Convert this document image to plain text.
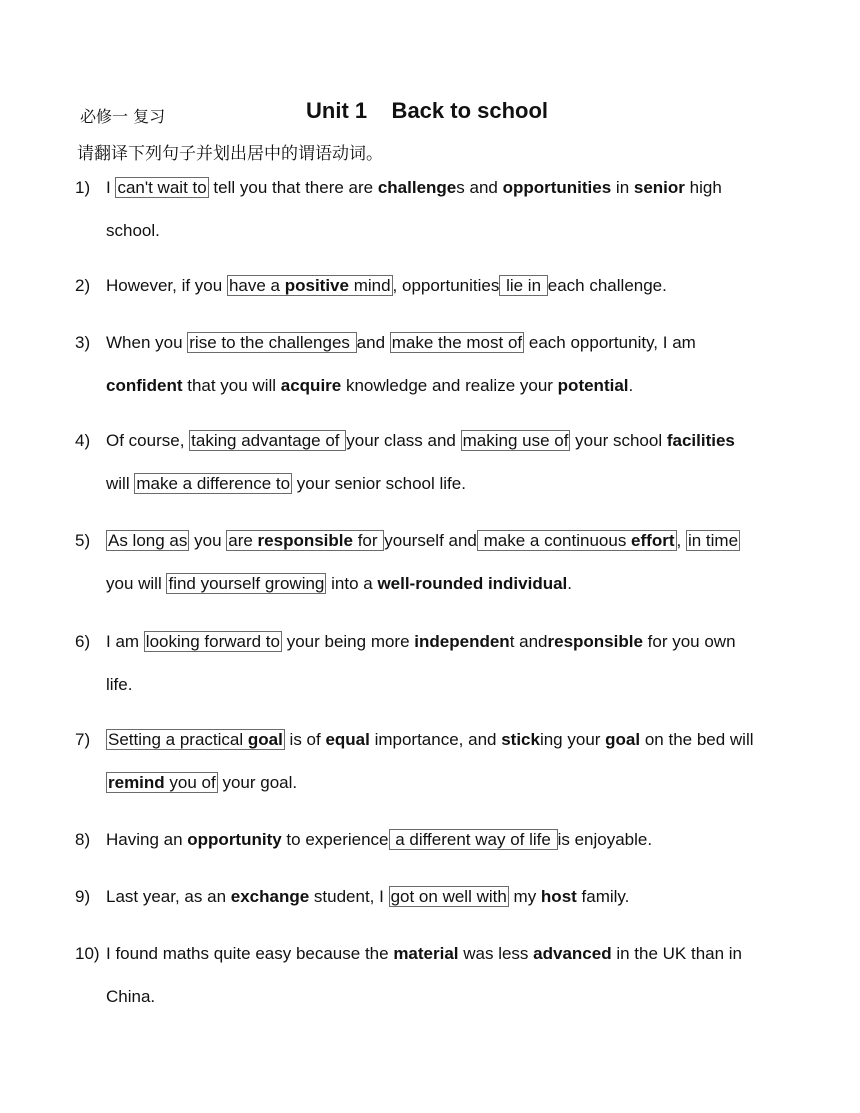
必修一 复习	Unit 1    Back to school
请翻译下列句子并划出居中的谓语动词。
1) I can't wait to tell you that there are challenges and opportunities in senior high
school.
2) However, if you have a positive mind , opportunities lie in each challenge.
3) When you rise to the challenges and make the most of each opportunity, I am
confident that you will acquire knowledge and realize your potential.
4) Of course, taking advantage of your class and making use of your school facilities
will make a difference to your senior school life.
5)	As long as you are responsible for yourself and make a continuous effort , in time
you will find yourself growing into a well-rounded individual.
6) I am looking forward to your being more independent andresponsible for you own
life.
7)	Setting a practical goal is of equal importance, and sticking your goal on the bed will
remind you of your goal.
8) Having an opportunity to experience a different way of life is enjoyable.
9) Last year, as an exchange student, I got on well with my host family.
10) I found maths quite easy because the material was less advanced in the UK than in
China.
